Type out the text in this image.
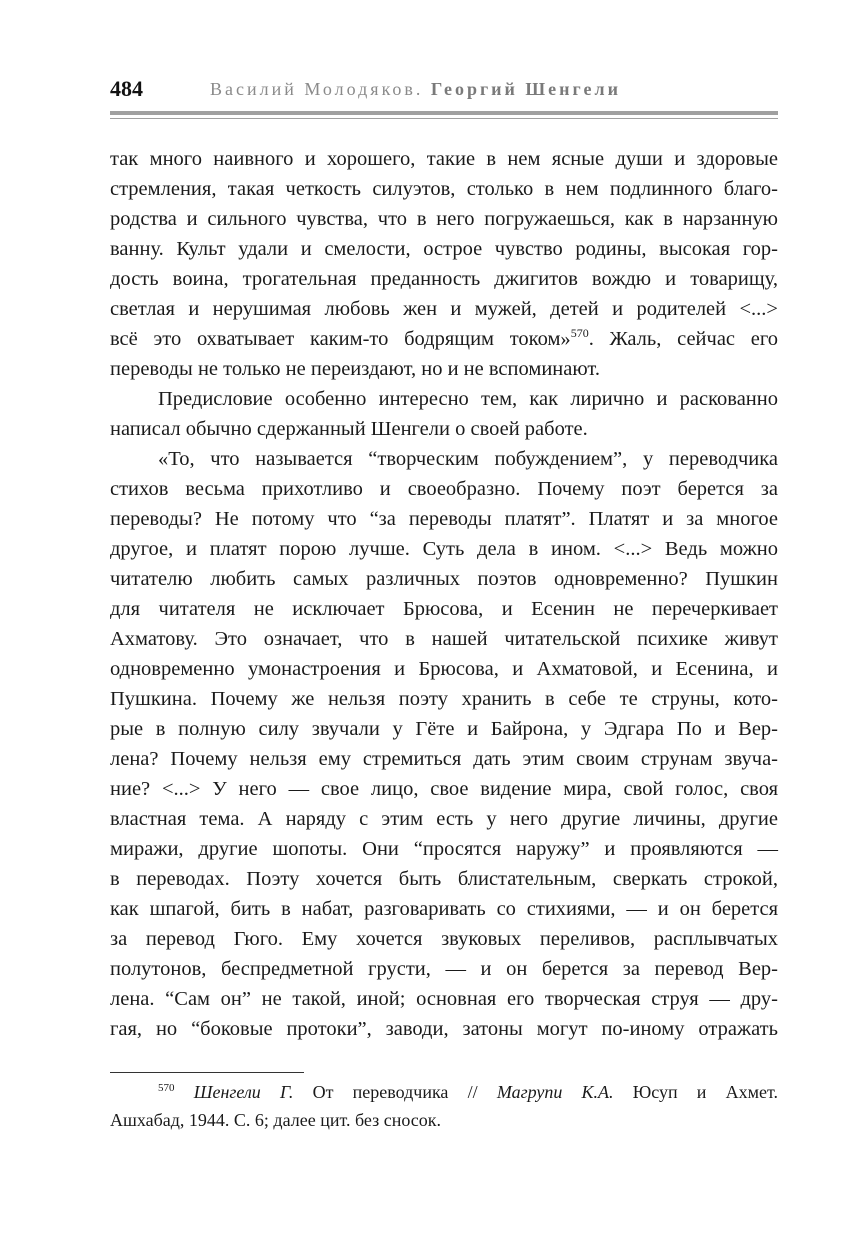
484	Василий Молодяков. Георгий Шенгели
так много наивного и хорошего, такие в нем ясные души и здоровые
стремления, такая четкость силуэтов, столько в нем подлинного благо-
родства и сильного чувства, что в него погружаешься, как в нарзанную
ванну. Культ удали и смелости, острое чувство родины, высокая гор-
дость воина, трогательная преданность джигитов вождю и товарищу,
светлая и нерушимая любовь жен и мужей, детей и родителей <...>
всё это охватывает каким-то бодрящим током»$^{570}$. Жаль, сейчас его
переводы не только не переиздают, но и не вспоминают.
Предисловие особенно интересно тем, как лирично и раскованно
написал обычно сдержанный Шенгели о своей работе.
«То, что называется “творческим побуждением”, у переводчика
стихов весьма прихотливо и своеобразно. Почему поэт берется за
переводы? Не потому что “за переводы платят”. Платят и за многое
другое, и платят порою лучше. Суть дела в ином. <...> Ведь можно
читателю любить самых различных поэтов одновременно? Пушкин
для читателя не исключает Брюсова, и Есенин не перечеркивает
Ахматову. Это означает, что в нашей читательской психике живут
одновременно умонастроения и Брюсова, и Ахматовой, и Есенина, и
Пушкина. Почему же нельзя поэту хранить в себе те струны, кото-
рые в полную силу звучали у Гёте и Байрона, у Эдгара По и Вер-
лена? Почему нельзя ему стремиться дать этим своим струнам звуча-
ние? <...> У него — свое лицо, свое видение мира, свой голос, своя
властная тема. А наряду с этим есть у него другие личины, другие
миражи, другие шопоты. Они “просятся наружу” и проявляются —
в переводах. Поэту хочется быть блистательным, сверкать строкой,
как шпагой, бить в набат, разговаривать со стихиями, — и он берется
за перевод Гюго. Ему хочется звуковых переливов, расплывчатых
полутонов, беспредметной грусти, — и он берется за перевод Вер-
лена. “Сам он” не такой, иной; основная его творческая струя — дру-
гая, но “боковые протоки”, заводи, затоны могут по-иному отражать
$^{570}$ Шенгели Г. От переводчика // Магрупи К.А. Юсуп и Ахмет.
Ашхабад, 1944. С. 6; далее цит. без сносок.
